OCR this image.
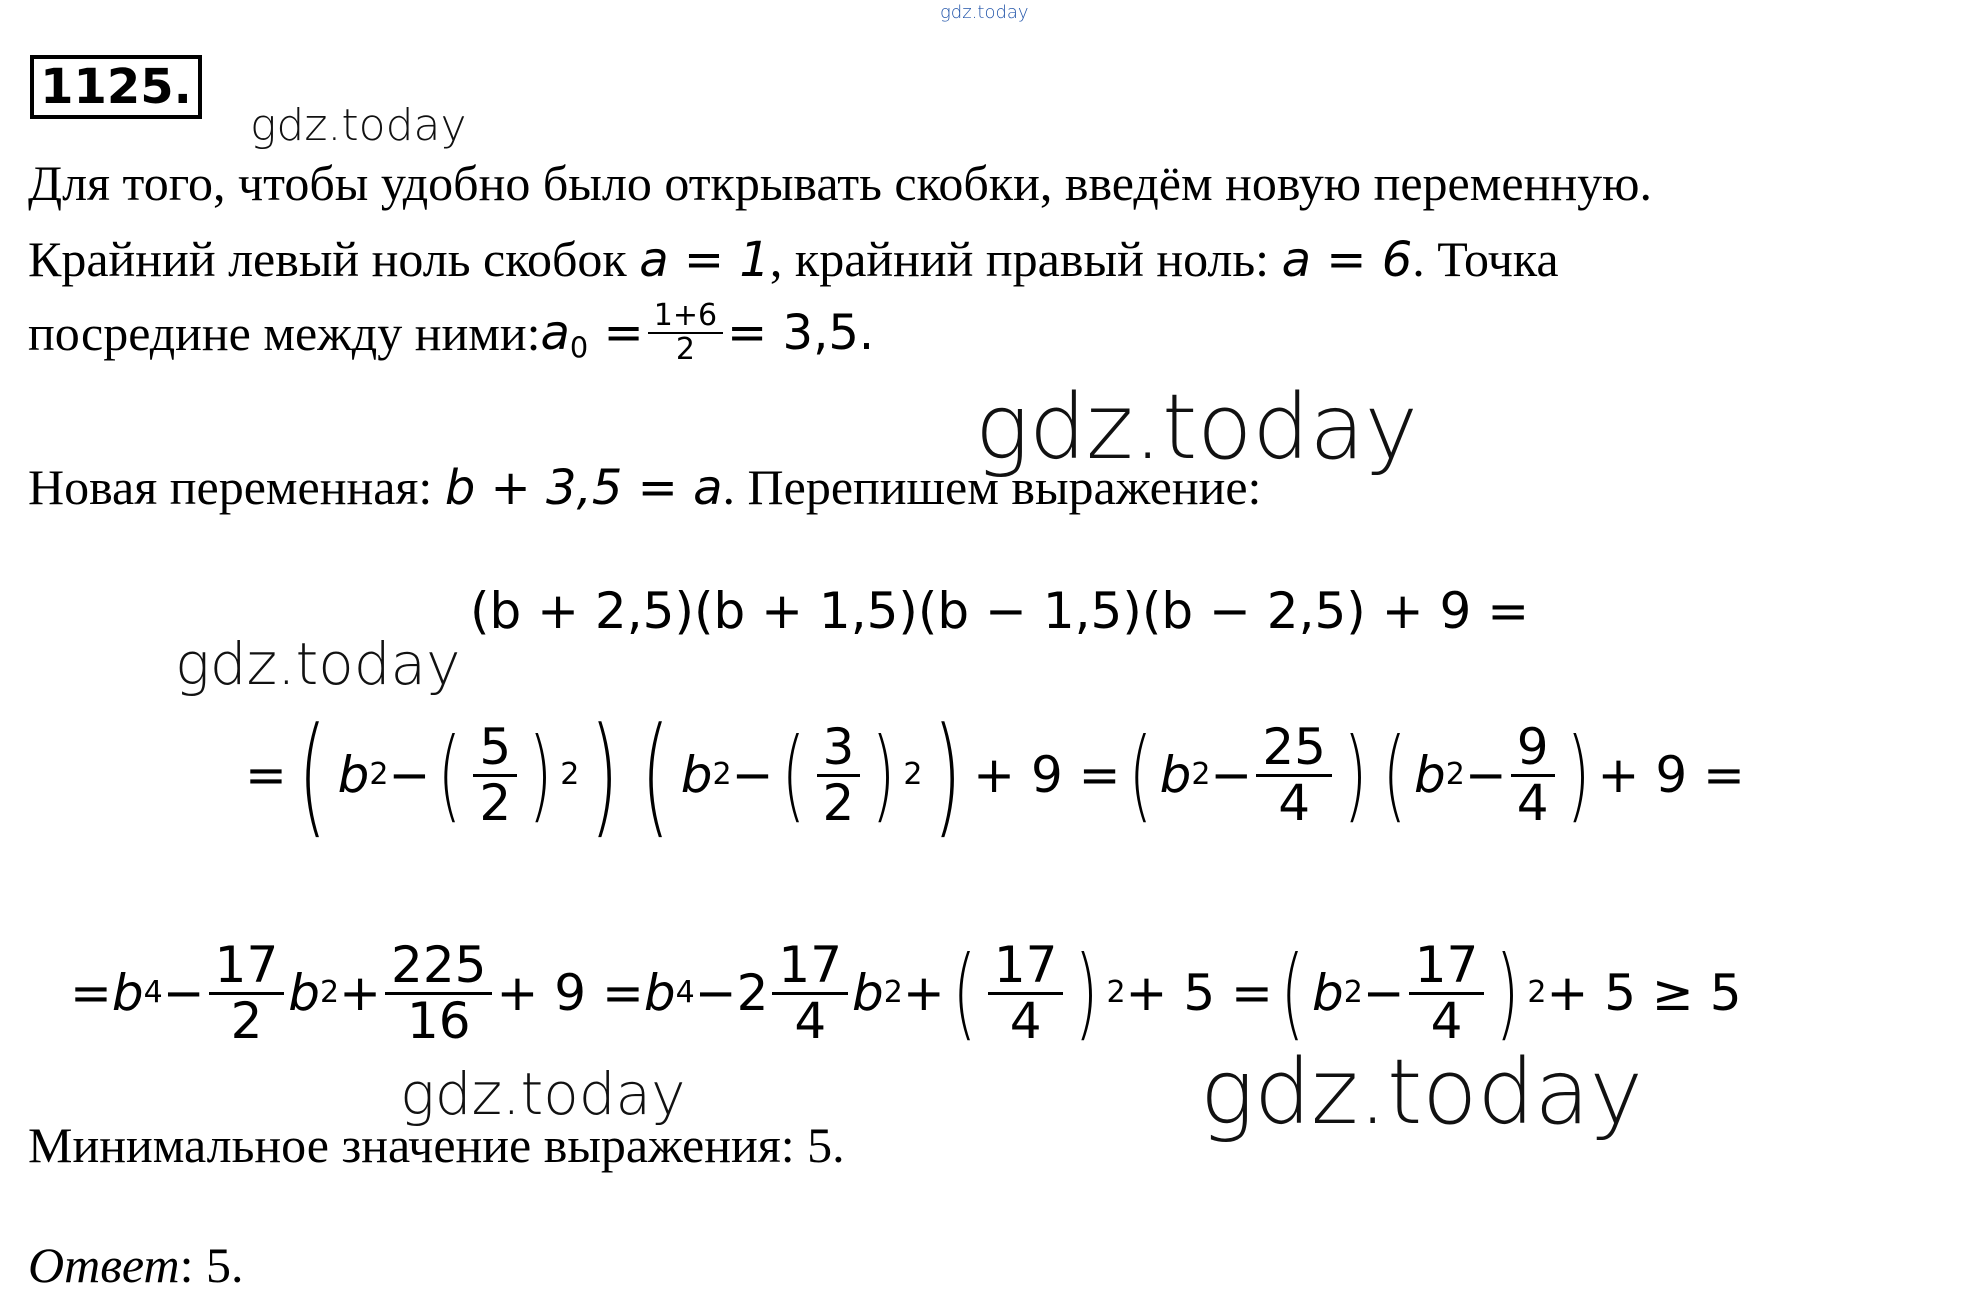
gdz.today
1125.
gdz.today
gdz.today
gdz.today
gdz.today	gdz.today
Для того, чтобы удобно было открывать скобки, введём новую переменную.
Крайний левый ноль скобок a = 1, крайний правый ноль: a = 6. Точка
посредине между ними: $a_0 = \frac{1+6}{2} = 3,5$.
Новая переменная: b + 3,5 = a. Перепишем выражение:
(b + 2,5)(b + 1,5)(b − 1,5)(b − 2,5) + 9 =
= ( b 2 − ( $\frac{5}{2}$ ) 2 ) ( b 2 − ( $\frac{3}{2}$ ) 2 ) + 9 = ( b $2 - \frac{25}{4}$ ) ( b $2 - \frac{9}{4}$ ) + 9 =
= b $4 - \frac{17}{2}$ b $2 + \frac{225}{16} + 9 = b$ $4 - 2 \frac{17}{4}$ b 2 + ( $\frac{17}{4}$ ) 2 + 5 = ( b $2 - \frac{17}{4}$ ) 2 + 5 ≥ 5
Минимальное значение выражения: 5.
Ответ: 5.
